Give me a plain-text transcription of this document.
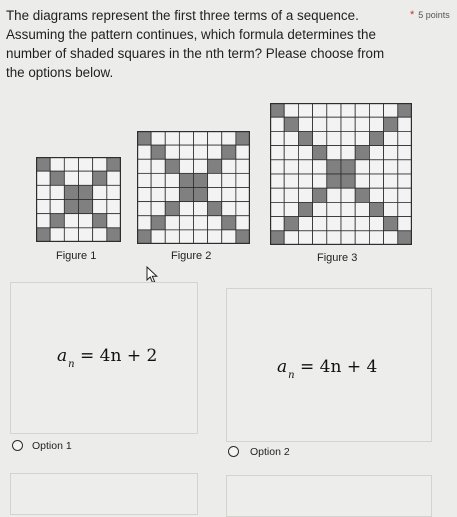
The diagrams represent the first three terms of a sequence. Assuming the pattern continues, which formula determines the number of shaded squares in the nth term? Please choose from the options below.
* 5 points
Figure 1	Figure 2	Figure 3
$a_n = 4n + 2$
$a_n = 4n + 4$
Option 1	Option 2
